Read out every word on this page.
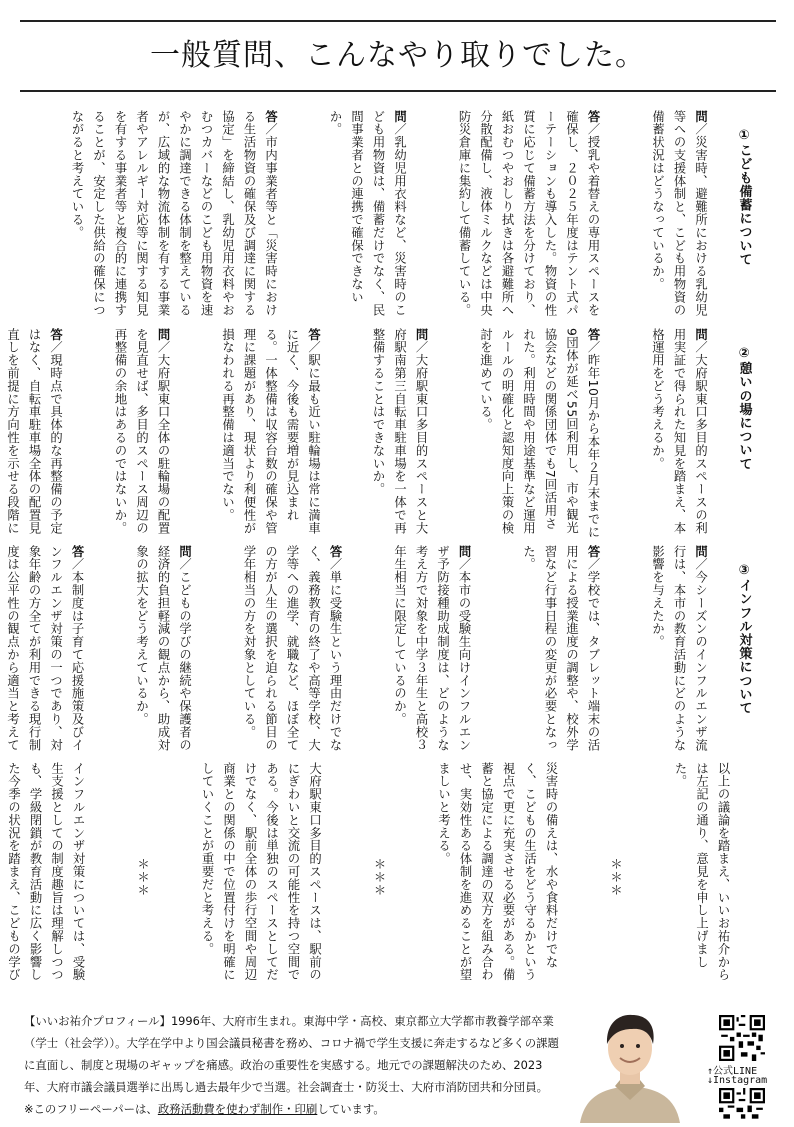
一般質問、こんなやり取りでした。

①こども備蓄について

問／災害時、避難所における乳幼児等への支援体制と、こども用物資の備蓄状況はどうなっているか。

答／授乳や着替えの専用スペースを確保し、２０２５年度はテント式パーテーションも導入した。物資の性質に応じて備蓄方法を分けており、紙おむつやおしり拭きは各避難所へ分散配備し、液体ミルクなどは中央防災倉庫に集約して備蓄している。

問／乳幼児用衣料など、災害時のこども用物資は、備蓄だけでなく、民間事業者との連携で確保できないか。

答／市内事業者等と「災害時における生活物資の確保及び調達に関する協定」を締結し、乳幼児用衣料やおむつカバーなどのこども用物資を速やかに調達できる体制を整えているが、広域的な物流体制を有する事業者やアレルギー対応等に関する知見を有する事業者等と複合的に連携することが、安定した供給の確保につながると考えている。

②憩いの場について

問／大府駅東口多目的スペースの利用実証で得られた知見を踏まえ、本格運用をどう考えるか。

答／昨年10月から本年２月末までに9団体が延べ55回利用し、市や観光協会などの関係団体でも7回活用された。利用時間や用途基準など運用ルールの明確化と認知度向上策の検討を進めている。

問／大府駅東口多目的スペースと大府駅南第三自転車駐車場を一体で再整備することはできないか。

答／駅に最も近い駐輪場は常に満車に近く、今後も需要増が見込まれる。一体整備は収容台数の確保や管理に課題があり、現状より利便性が損なわれる再整備は適当でない。

問／大府駅東口全体の駐輪場の配置を見直せば、多目的スペース周辺の再整備の余地はあるのではないか。

答／現時点で具体的な再整備の予定はなく、自転車駐車場全体の配置見直しを前提に方向性を示せる段階に

③インフル対策について

問／今シーズンのインフルエンザ流行は、本市の教育活動にどのような影響を与えたか。

答／学校では、タブレット端末の活用による授業進度の調整や、校外学習など行事日程の変更が必要となった。

問／本市の受験生向けインフルエンザ予防接種助成制度は、どのような考え方で対象を中学３年生と高校３年生相当に限定しているのか。

答／単に受験生という理由だけでなく、義務教育の終了や高等学校、大学等への進学、就職など、ほぼ全ての方が人生の選択を迫られる節目の学年相当の方を対象としている。

問／こどもの学びの継続や保護者の経済的負担軽減の観点から、助成対象の拡大をどう考えているか。

答／本制度は子育て応援施策及びインフルエンザ対策の一つであり、対象年齢の方全てが利用できる現行制度は公平性の観点から適当と考えて

以上の議論を踏まえ、いいお祐介からは左記の通り、意見を申し上げました。

＊＊＊

災害時の備えは、水や食料だけでなく、こどもの生活をどう守るかという視点で更に充実させる必要がある。備蓄と協定による調達の双方を組み合わせ、実効性ある体制を進めることが望ましいと考える。

＊＊＊

大府駅東口多目的スペースは、駅前のにぎわいと交流の可能性を持つ空間である。今後は単独のスペースとしてだけでなく、駅前全体の歩行空間や周辺商業との関係の中で位置付けを明確にしていくことが重要だと考える。

＊＊＊

インフルエンザ対策については、受験生支援としての制度趣旨は理解しつつも、学級閉鎖が教育活動に広く影響した今季の状況を踏まえ、こどもの学び

【いいお祐介プロフィール】1996年、大府市生まれ。東海中学・高校、東京都立大学都市教養学部卒業（学士（社会学））。大学在学中より国会議員秘書を務め、コロナ禍で学生支援に奔走するなど多くの課題に直面し、制度と現場のギャップを痛感。政治の重要性を実感する。地元での課題解決のため、2023年、大府市議会議員選挙に出馬し過去最年少で当選。社会調査士・防災士、大府市消防団共和分団員。
※このフリーペーパーは、政務活動費を使わず制作・印刷しています。
↑公式LINE
↓Instagram
